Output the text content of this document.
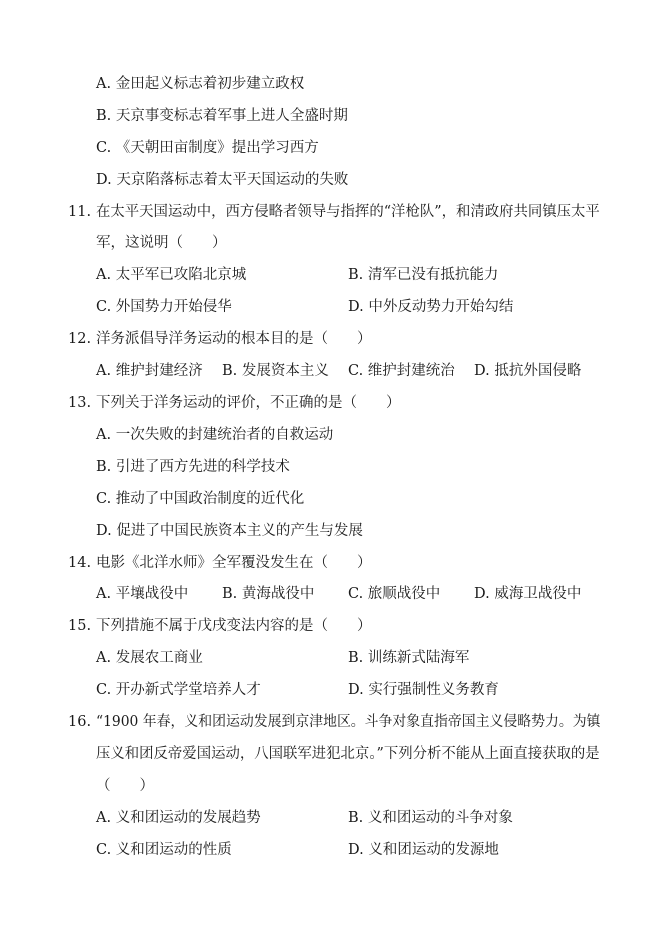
A. 金田起义标志着初步建立政权
B. 天京事变标志着军事上进人全盛时期
C. 《天朝田亩制度》提出学习西方
D. 天京陷落标志着太平天国运动的失败
11. 在太平天国运动中，西方侵略者领导与指挥的“洋枪队”，和清政府共同镇压太平
军，这说明（　　）
A. 太平军已攻陷北京城	B. 清军已没有抵抗能力
C. 外国势力开始侵华	D. 中外反动势力开始勾结
12. 洋务派倡导洋务运动的根本目的是（　　）
A. 维护封建经济 B. 发展资本主义 C. 维护封建统治 D. 抵抗外国侵略
13. 下列关于洋务运动的评价，不正确的是（　　）
A. 一次失败的封建统治者的自救运动
B. 引进了西方先进的科学技术
C. 推动了中国政治制度的近代化
D. 促进了中国民族资本主义的产生与发展
14. 电影《北洋水师》全军覆没发生在（　　）
A. 平壤战役中 B. 黄海战役中 C. 旅顺战役中 D. 威海卫战役中
15. 下列措施不属于戊戌变法内容的是（　　）
A. 发展农工商业	B. 训练新式陆海军
C. 开办新式学堂培养人才	D. 实行强制性义务教育
16. “1900 年春，义和团运动发展到京津地区。斗争对象直指帝国主义侵略势力。为镇
压义和团反帝爱国运动，八国联军进犯北京。”下列分析不能从上面直接获取的是
（　　）
A. 义和团运动的发展趋势	B. 义和团运动的斗争对象
C. 义和团运动的性质	D. 义和团运动的发源地
